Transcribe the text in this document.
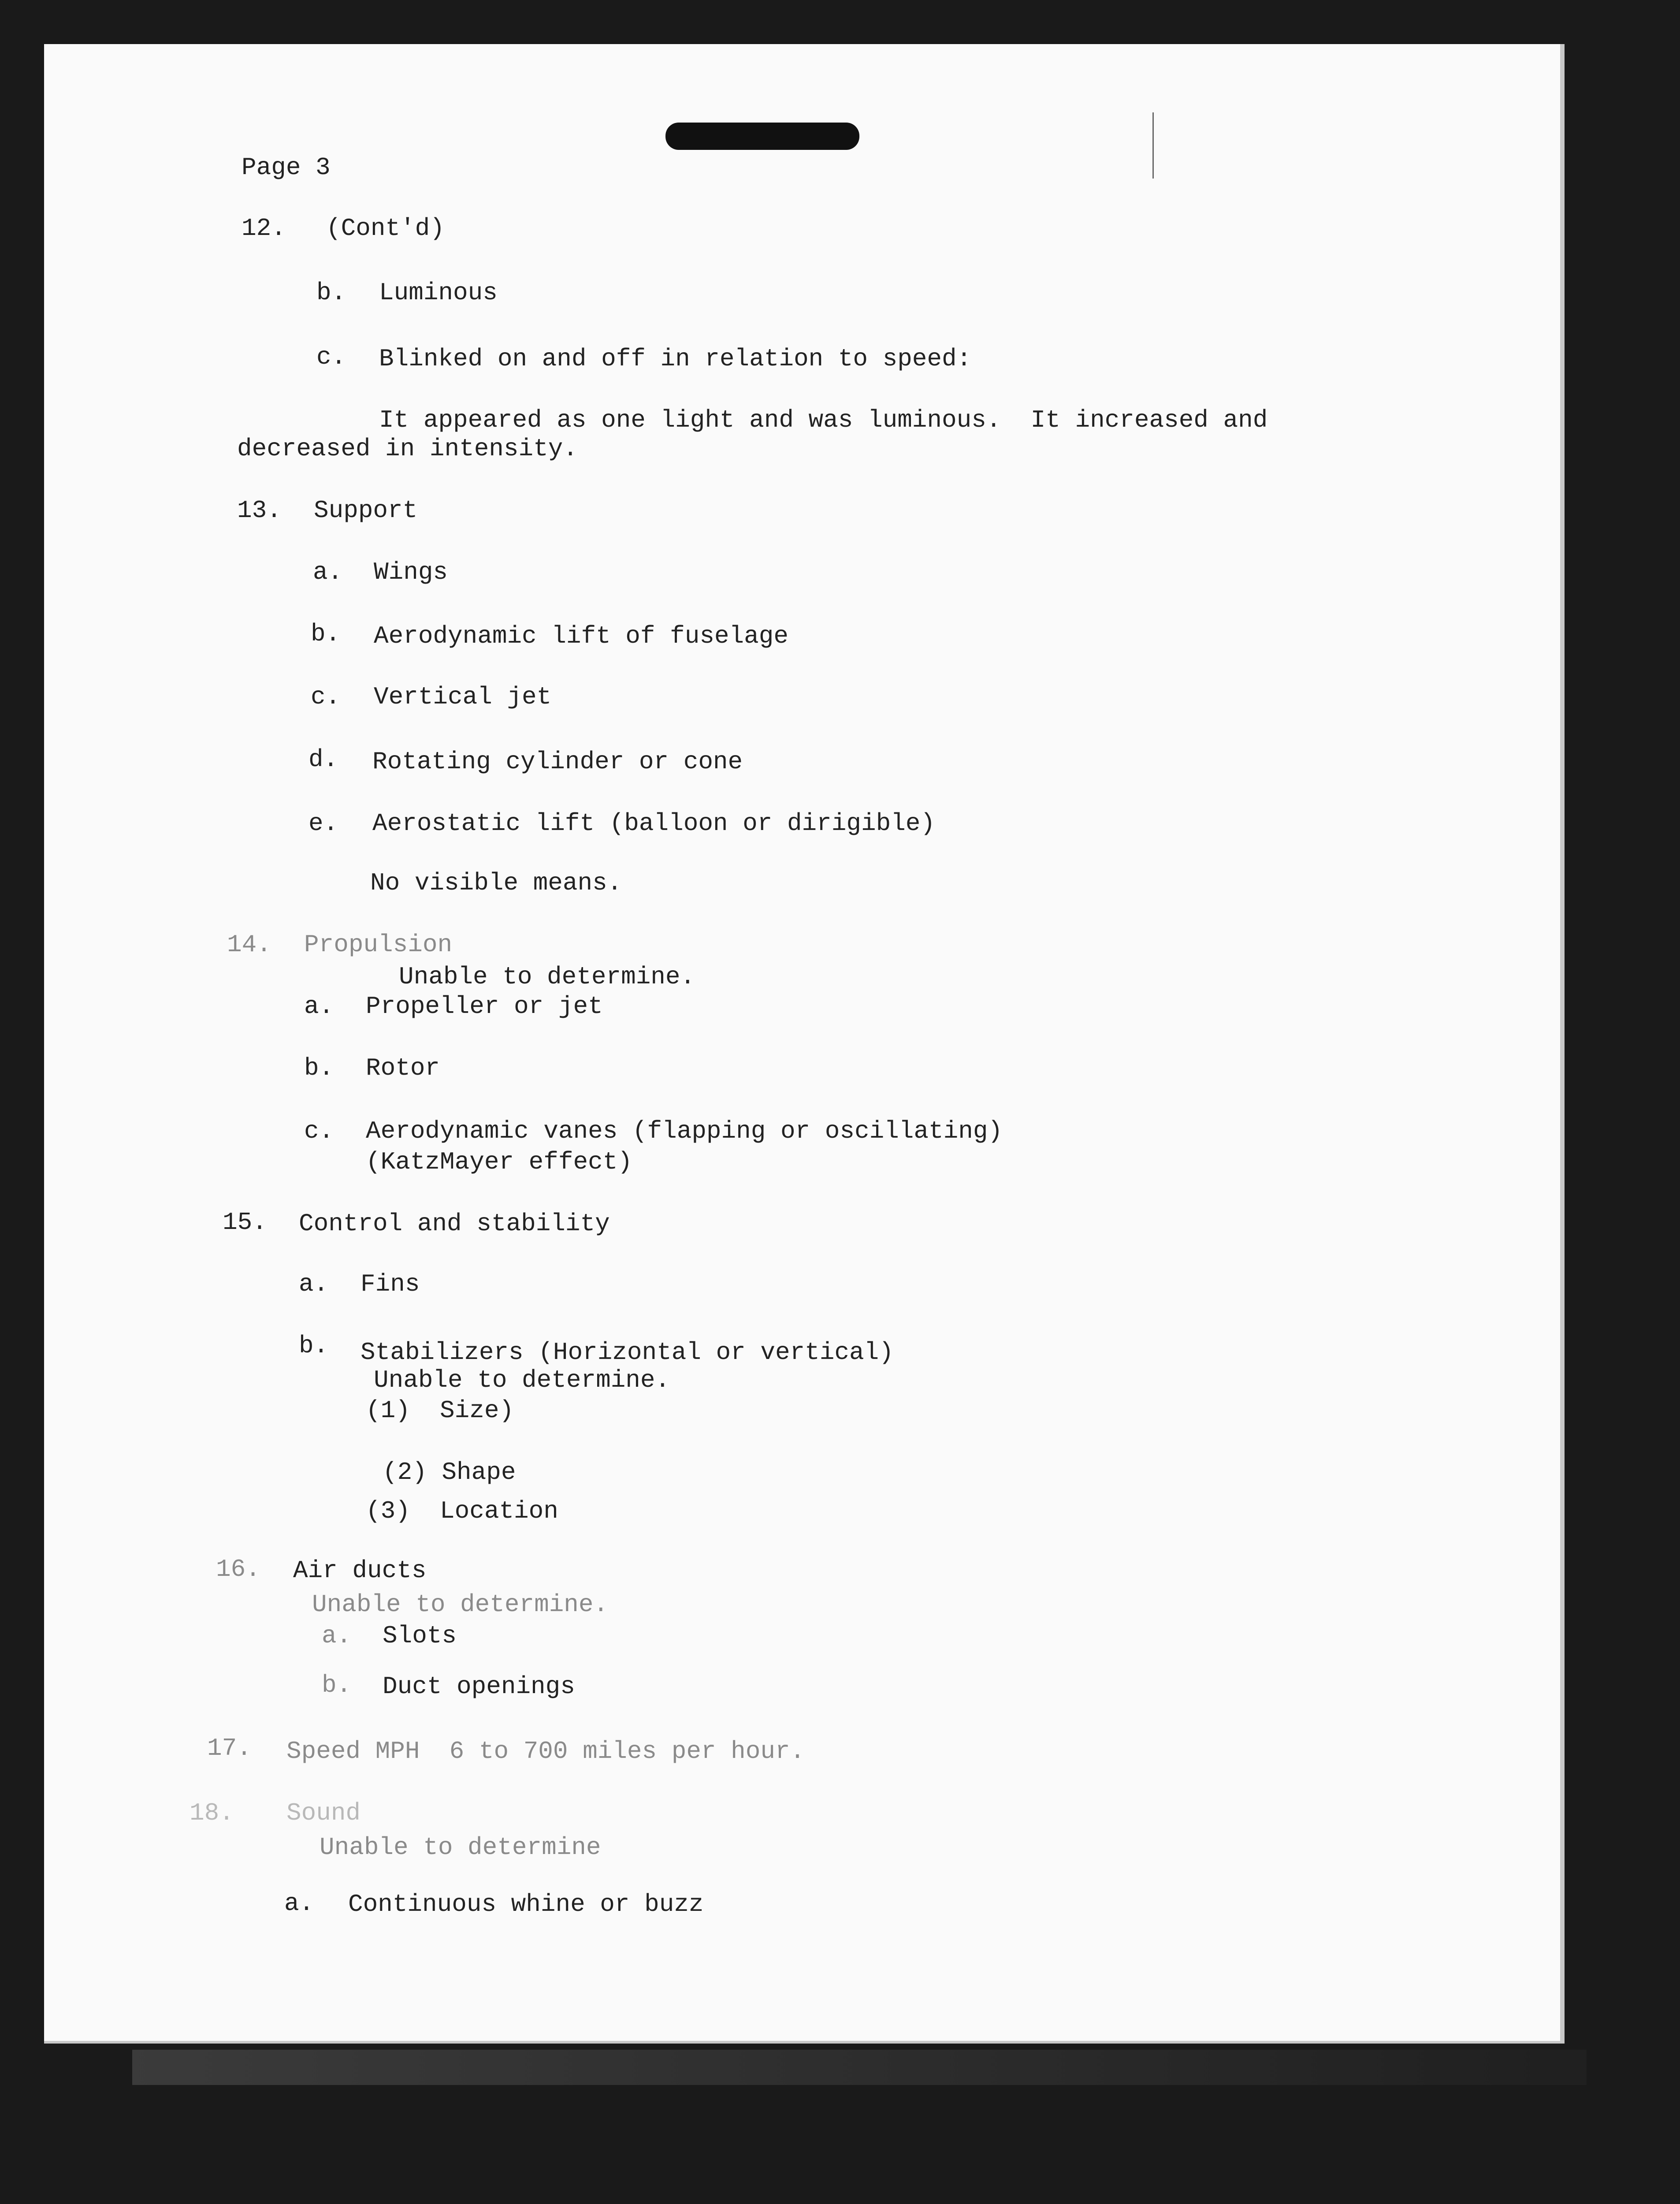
Page 3
12. (Cont'd)
b. Luminous
c. Blinked on and off in relation to speed:
It appeared as one light and was luminous.  It increased and
decreased in intensity.
13. Support
a. Wings
b. Aerodynamic lift of fuselage
c. Vertical jet
d. Rotating cylinder or cone
e. Aerostatic lift (balloon or dirigible)
No visible means.
14. Propulsion
Unable to determine.
a. Propeller or jet
b. Rotor
c. Aerodynamic vanes (flapping or oscillating)
(KatzMayer effect)
15. Control and stability
a. Fins
b. Stabilizers (Horizontal or vertical)
Unable to determine.
(1)  Size)
(2) Shape
(3)  Location
16. Air ducts
Unable to determine.
a. Slots
b. Duct openings
17. Speed MPH  6 to 700 miles per hour.
18. Sound
Unable to determine
a. Continuous whine or buzz
